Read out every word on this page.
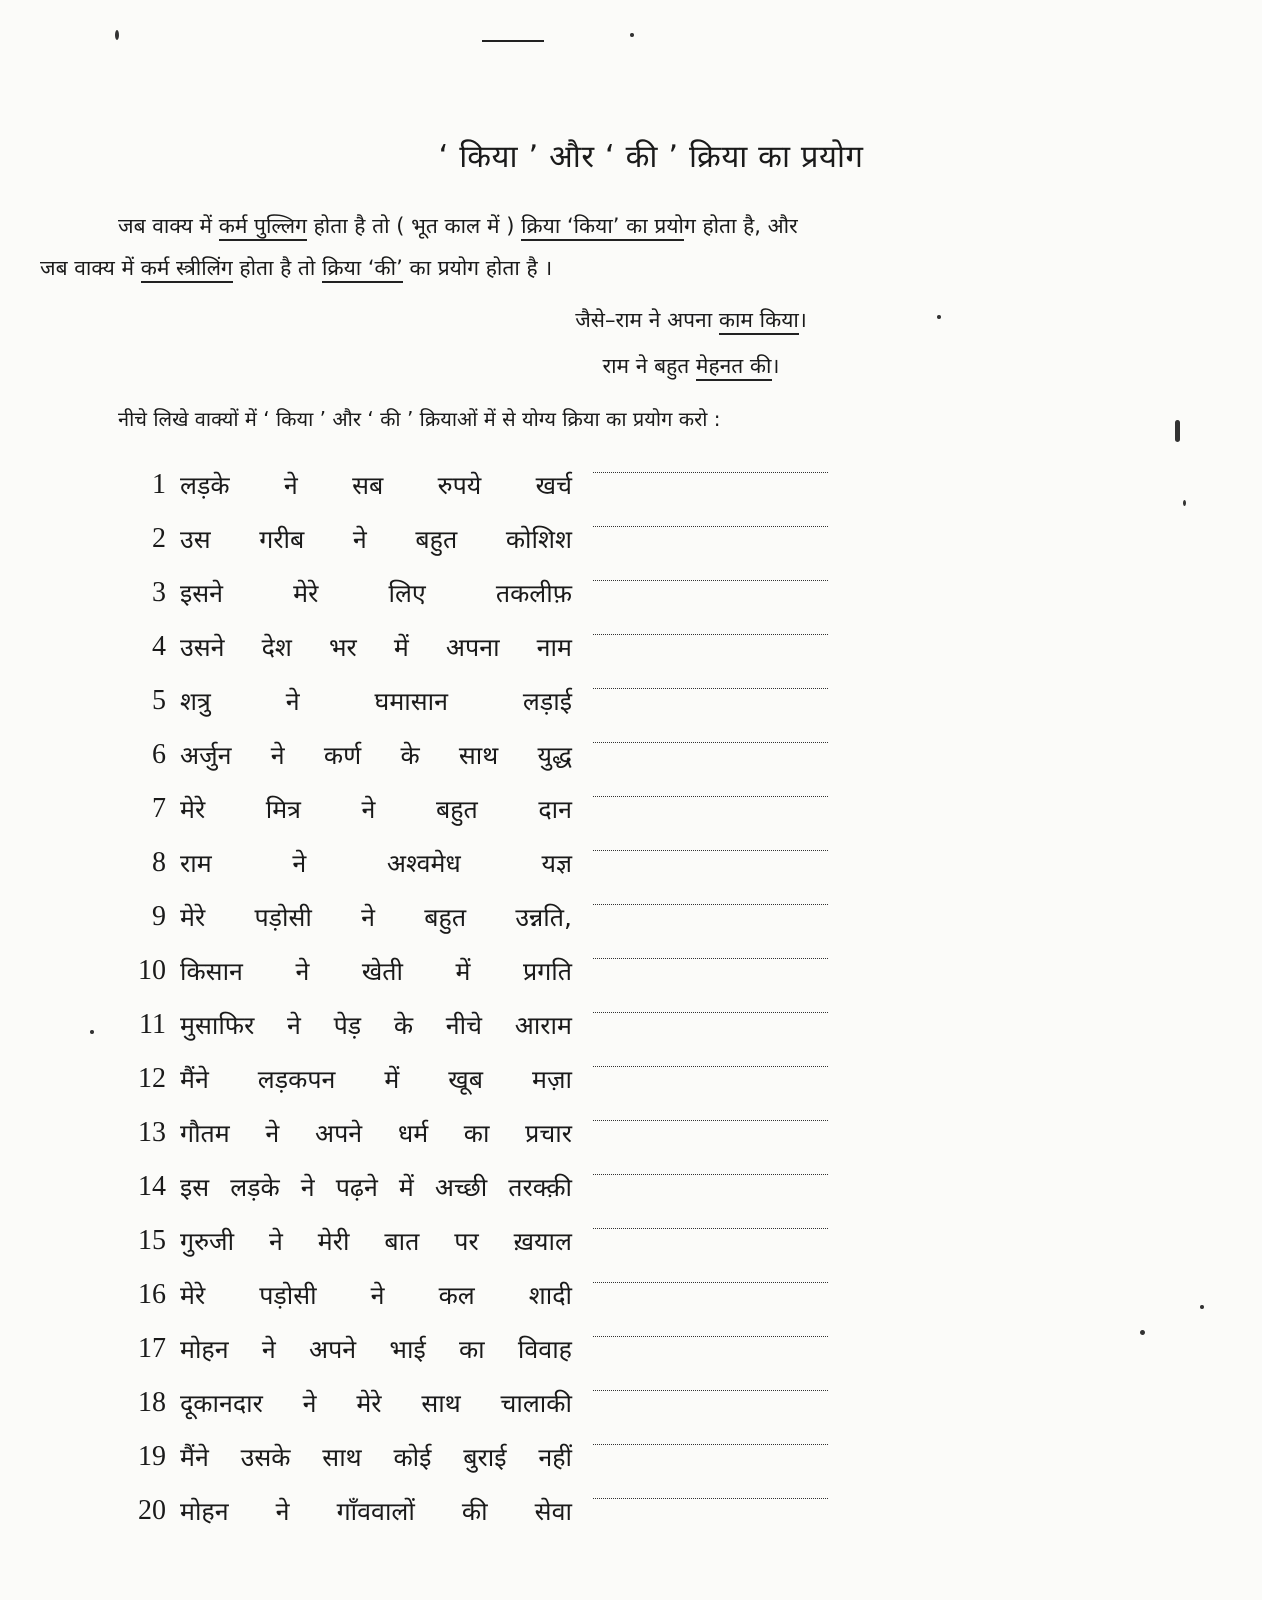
‘ किया ’ और ‘ की ’ क्रिया का प्रयोग
जब वाक्य में कर्म पुल्लिग होता है तो ( भूत काल में ) क्रिया ‘किया’ का प्रयोग होता है, और
जब वाक्य में कर्म स्त्रीलिंग होता है तो क्रिया ‘की’ का प्रयोग होता है ।
जैसे–राम ने अपना काम किया।
राम ने बहुत मेहनत की।
नीचे लिखे वाक्यों में ‘ किया ’ और ‘ की ’ क्रियाओं में से योग्य क्रिया का प्रयोग करो :
1 लड़के ने सब रुपये खर्च
2 उस गरीब ने बहुत कोशिश
3 इसने	मेरे	लिए	तकलीफ़
4 उसने देश भर में अपना नाम
5 शत्रु	ने	घमासान	लड़ाई
6 अर्जुन ने कर्ण के साथ युद्ध
7 मेरे मित्र ने बहुत दान
8 राम	ने	अश्वमेध	यज्ञ
9 मेरे पड़ोसी ने बहुत उन्नति,
10 किसान ने खेती में प्रगति
11 मुसाफिर ने पेड़ के नीचे आराम
12 मैंने लड़कपन में खूब मज़ा
13 गौतम ने अपने धर्म का प्रचार
14 इस लड़के ने पढ़ने में अच्छी तरक्क़ी
15 गुरुजी ने मेरी बात पर ख़याल
16 मेरे पड़ोसी ने कल शादी
17 मोहन ने अपने भाई का विवाह
18 दूकानदार ने मेरे साथ चालाकी
19 मैंने उसके साथ कोई बुराई नहीं
20 मोहन ने गाँववालों की सेवा
